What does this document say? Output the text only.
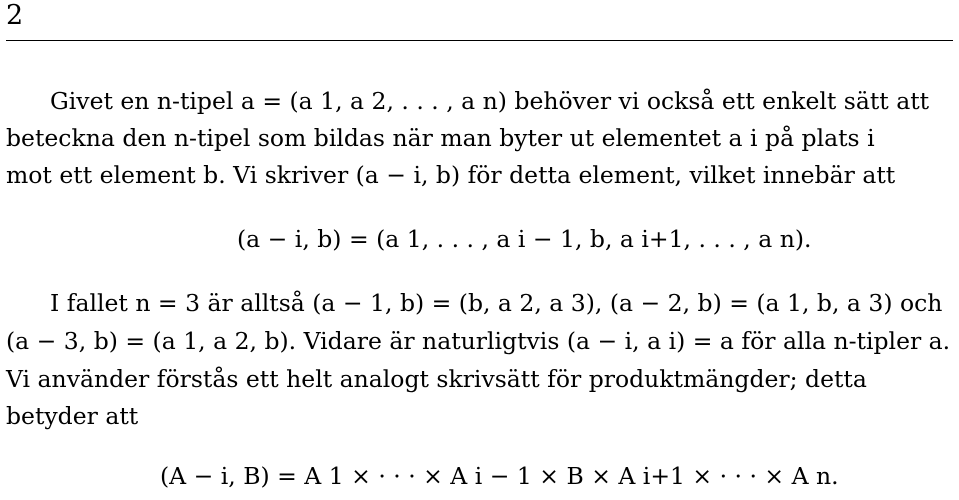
2
Givet en n-tipel a = (a 1, a 2, . . . , a n) behöver vi också ett enkelt sätt att
beteckna den n-tipel som bildas när man byter ut elementet a i på plats i
mot ett element b. Vi skriver (a − i, b) för detta element, vilket innebär att
(a − i, b) = (a 1, . . . , a i − 1, b, a i+1, . . . , a n).
I fallet n = 3 är alltså (a − 1, b) = (b, a 2, a 3), (a − 2, b) = (a 1, b, a 3) och
(a − 3, b) = (a 1, a 2, b). Vidare är naturligtvis (a − i, a i) = a för alla n-tipler a.
Vi använder förstås ett helt analogt skrivsätt för produktmängder; detta
betyder att
(A − i, B) = A 1 × · · · × A i − 1 × B × A i+1 × · · · × A n.
